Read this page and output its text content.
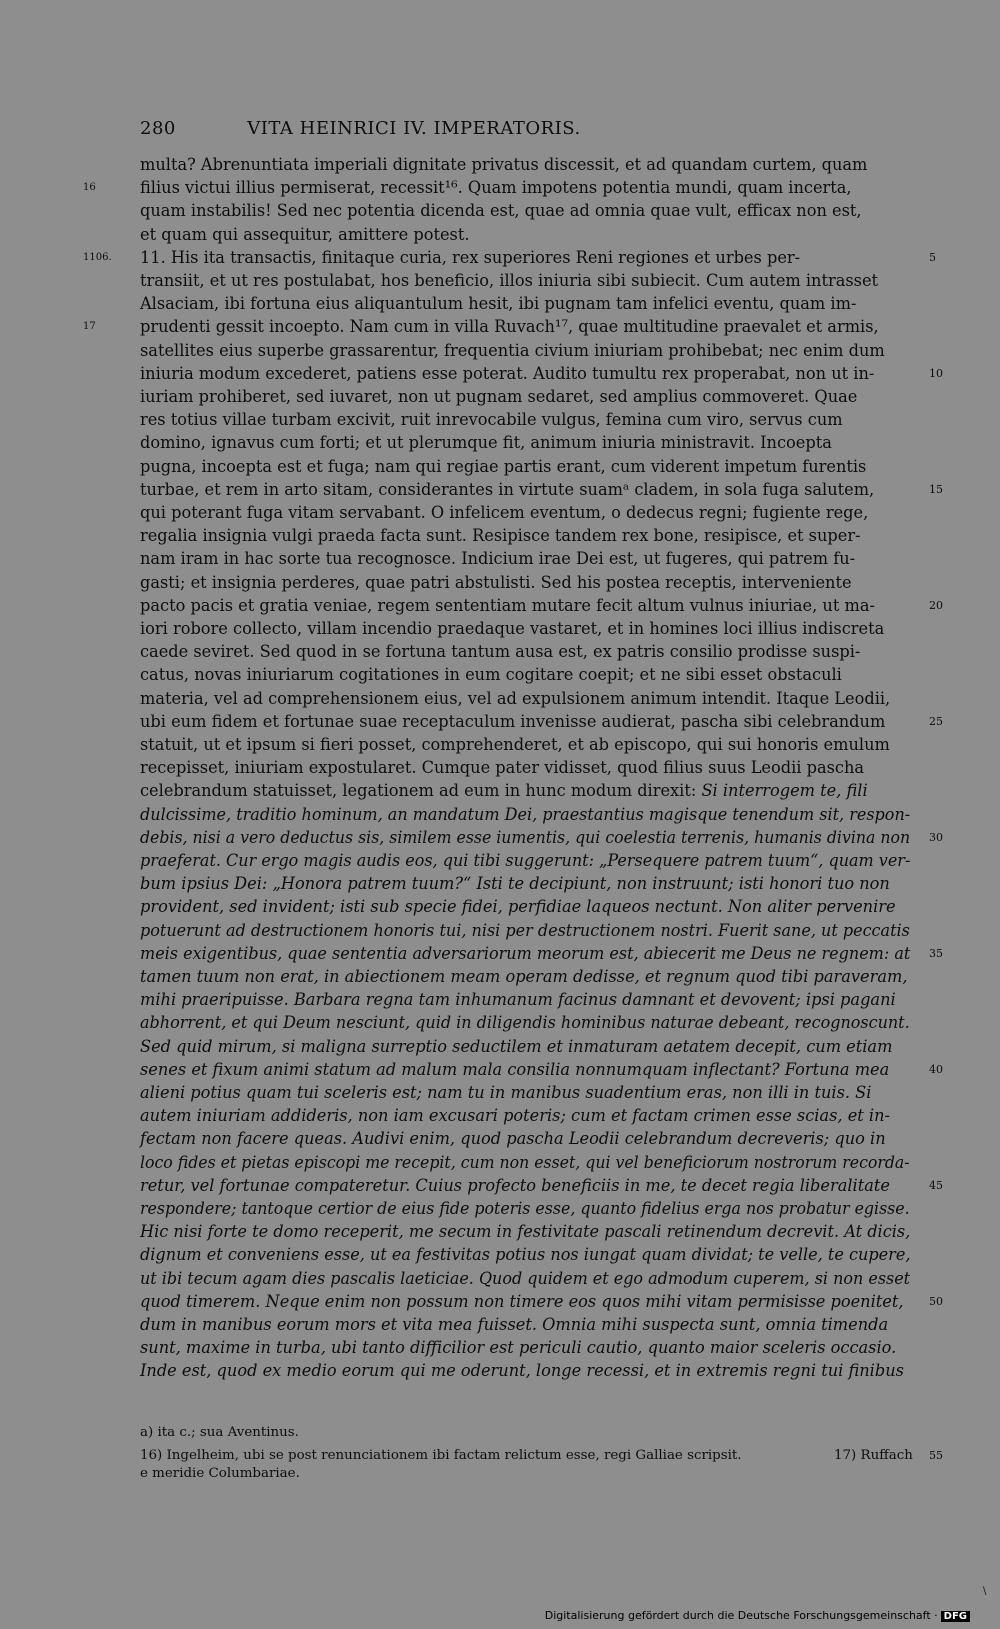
280	VITA HEINRICI IV. IMPERATORIS.
multa? Abrenuntiata imperiali dignitate privatus discessit, et ad quandam curtem, quam
filius victui illius permiserat, recessit¹⁶. Quam impotens potentia mundi, quam incerta,
16
quam instabilis! Sed nec potentia dicenda est, quae ad omnia quae vult, efficax non est,
et quam qui assequitur, amittere potest.
11. His ita transactis, finitaque curia, rex superiores Reni regiones et urbes per-
1106.	5
transiit, et ut res postulabat, hos beneficio, illos iniuria sibi subiecit. Cum autem intrasset
Alsaciam, ibi fortuna eius aliquantulum hesit, ibi pugnam tam infelici eventu, quam im-
prudenti gessit incoepto. Nam cum in villa Ruvach¹⁷, quae multitudine praevalet et armis,
17
satellites eius superbe grassarentur, frequentia civium iniuriam prohibebat; nec enim dum
iniuria modum excederet, patiens esse poterat. Audito tumultu rex properabat, non ut in-	10
iuriam prohiberet, sed iuvaret, non ut pugnam sedaret, sed amplius commoveret. Quae
res totius villae turbam excivit, ruit inrevocabile vulgus, femina cum viro, servus cum
domino, ignavus cum forti; et ut plerumque fit, animum iniuria ministravit. Incoepta
pugna, incoepta est et fuga; nam qui regiae partis erant, cum viderent impetum furentis
turbae, et rem in arto sitam, considerantes in virtute suamᵃ cladem, in sola fuga salutem,	15
qui poterant fuga vitam servabant. O infelicem eventum, o dedecus regni; fugiente rege,
regalia insignia vulgi praeda facta sunt. Resipisce tandem rex bone, resipisce, et super-
nam iram in hac sorte tua recognosce. Indicium irae Dei est, ut fugeres, qui patrem fu-
gasti; et insignia perderes, quae patri abstulisti. Sed his postea receptis, interveniente
pacto pacis et gratia veniae, regem sententiam mutare fecit altum vulnus iniuriae, ut ma-	20
iori robore collecto, villam incendio praedaque vastaret, et in homines loci illius indiscreta
caede seviret. Sed quod in se fortuna tantum ausa est, ex patris consilio prodisse suspi-
catus, novas iniuriarum cogitationes in eum cogitare coepit; et ne sibi esset obstaculi
materia, vel ad comprehensionem eius, vel ad expulsionem animum intendit. Itaque Leodii,
ubi eum fidem et fortunae suae receptaculum invenisse audierat, pascha sibi celebrandum	25
statuit, ut et ipsum si fieri posset, comprehenderet, et ab episcopo, qui sui honoris emulum
recepisset, iniuriam expostularet. Cumque pater vidisset, quod filius suus Leodii pascha
celebrandum statuisset, legationem ad eum in hunc modum direxit: Si interrogem te, fili
dulcissime, traditio hominum, an mandatum Dei, praestantius magisque tenendum sit, respon-
debis, nisi a vero deductus sis, similem esse iumentis, qui coelestia terrenis, humanis divina non 30
praeferat. Cur ergo magis audis eos, qui tibi suggerunt: „Persequere patrem tuum“, quam ver-
bum ipsius Dei: „Honora patrem tuum?“ Isti te decipiunt, non instruunt; isti honori tuo non
provident, sed invident; isti sub specie fidei, perfidiae laqueos nectunt. Non aliter pervenire
potuerunt ad destructionem honoris tui, nisi per destructionem nostri. Fuerit sane, ut peccatis
meis exigentibus, quae sententia adversariorum meorum est, abiecerit me Deus ne regnem: at 35
tamen tuum non erat, in abiectionem meam operam dedisse, et regnum quod tibi paraveram,
mihi praeripuisse. Barbara regna tam inhumanum facinus damnant et devovent; ipsi pagani
abhorrent, et qui Deum nesciunt, quid in diligendis hominibus naturae debeant, recognoscunt.
Sed quid mirum, si maligna surreptio seductilem et inmaturam aetatem decepit, cum etiam
senes et fixum animi statum ad malum mala consilia nonnumquam inflectant? Fortuna mea	40
alieni potius quam tui sceleris est; nam tu in manibus suadentium eras, non illi in tuis. Si
autem iniuriam addideris, non iam excusari poteris; cum et factam crimen esse scias, et in-
fectam non facere queas. Audivi enim, quod pascha Leodii celebrandum decreveris; quo in
loco fides et pietas episcopi me recepit, cum non esset, qui vel beneficiorum nostrorum recorda-
retur, vel fortunae compateretur. Cuius profecto beneficiis in me, te decet regia liberalitate	45
respondere; tantoque certior de eius fide poteris esse, quanto fidelius erga nos probatur egisse.
Hic nisi forte te domo receperit, me secum in festivitate pascali retinendum decrevit. At dicis,
dignum et conveniens esse, ut ea festivitas potius nos iungat quam dividat; te velle, te cupere,
ut ibi tecum agam dies pascalis laeticiae. Quod quidem et ego admodum cuperem, si non esset
quod timerem. Neque enim non possum non timere eos quos mihi vitam permisisse poenitet,	50
dum in manibus eorum mors et vita mea fuisset. Omnia mihi suspecta sunt, omnia timenda
sunt, maxime in turba, ubi tanto difficilior est periculi cautio, quanto maior sceleris occasio.
Inde est, quod ex medio eorum qui me oderunt, longe recessi, et in extremis regni tui finibus
a) ita c.; sua Aventinus.
16) Ingelheim, ubi se post renunciationem ibi factam relictum esse, regi Galliae scripsit.	17) Ruffach 55
e meridie Columbariae.
\
Digitalisierung gefördert durch die Deutsche Forschungsgemeinschaft · DFG
